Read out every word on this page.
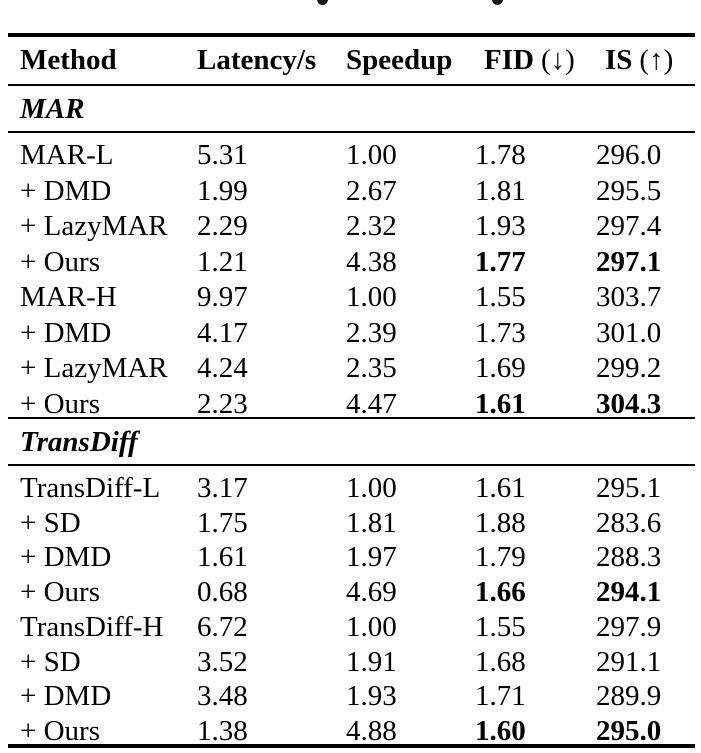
Method	Latency/s	Speedup	FID (↓)	IS (↑)
MAR
MAR-L	5.31	1.00	1.78	296.0
+ DMD	1.99	2.67	1.81	295.5
+ LazyMAR	2.29	2.32	1.93	297.4
+ Ours	1.21	4.38	1.77	297.1
MAR-H	9.97	1.00	1.55	303.7
+ DMD	4.17	2.39	1.73	301.0
+ LazyMAR	4.24	2.35	1.69	299.2
+ Ours	2.23	4.47	1.61	304.3
TransDiff
TransDiff-L	3.17	1.00	1.61	295.1
+ SD	1.75	1.81	1.88	283.6
+ DMD	1.61	1.97	1.79	288.3
+ Ours	0.68	4.69	1.66	294.1
TransDiff-H	6.72	1.00	1.55	297.9
+ SD	3.52	1.91	1.68	291.1
+ DMD	3.48	1.93	1.71	289.9
+ Ours	1.38	4.88	1.60	295.0
